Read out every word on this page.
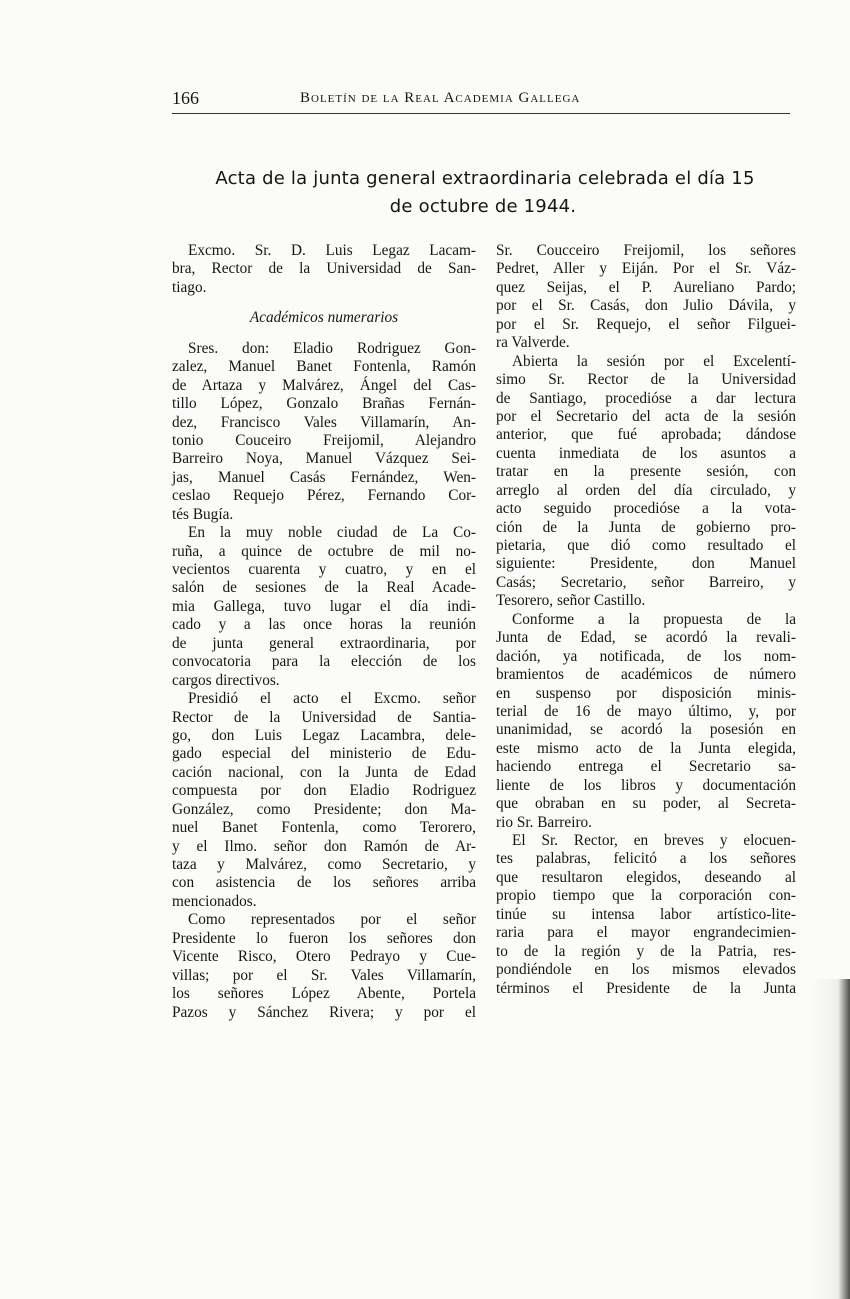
166	Boletín de la Real Academia Gallega
Acta de la junta general extraordinaria celebrada el día 15
de octubre de 1944.
Excmo. Sr. D. Luis Legaz Lacam-
bra, Rector de la Universidad de San-
tiago.
Académicos numerarios
Sres. don: Eladio Rodriguez Gon-
zalez, Manuel Banet Fontenla, Ramón
de Artaza y Malvárez, Ángel del Cas-
tillo López, Gonzalo Brañas Fernán-
dez, Francisco Vales Villamarín, An-
tonio Couceiro Freijomil, Alejandro
Barreiro Noya, Manuel Vázquez Sei-
jas, Manuel Casás Fernández, Wen-
ceslao Requejo Pérez, Fernando Cor-
tés Bugía.
En la muy noble ciudad de La Co-
ruña, a quince de octubre de mil no-
vecientos cuarenta y cuatro, y en el
salón de sesiones de la Real Acade-
mia Gallega, tuvo lugar el día indi-
cado y a las once horas la reunión
de junta general extraordinaria, por
convocatoria para la elección de los
cargos directivos.
Presidió el acto el Excmo. señor
Rector de la Universidad de Santia-
go, don Luis Legaz Lacambra, dele-
gado especial del ministerio de Edu-
cación nacional, con la Junta de Edad
compuesta por don Eladio Rodriguez
González, como Presidente; don Ma-
nuel Banet Fontenla, como Terorero,
y el Ilmo. señor don Ramón de Ar-
taza y Malvárez, como Secretario, y
con asistencia de los señores arriba
mencionados.
Como representados por el señor
Presidente lo fueron los señores don
Vicente Risco, Otero Pedrayo y Cue-
villas; por el Sr. Vales Villamarín,
los señores López Abente, Portela
Pazos y Sánchez Rivera; y por el
Sr. Coucceiro Freijomil, los señores
Pedret, Aller y Eiján. Por el Sr. Váz-
quez Seijas, el P. Aureliano Pardo;
por el Sr. Casás, don Julio Dávila, y
por el Sr. Requejo, el señor Filguei-
ra Valverde.
Abierta la sesión por el Excelentí-
simo Sr. Rector de la Universidad
de Santiago, procedióse a dar lectura
por el Secretario del acta de la sesión
anterior, que fué aprobada; dándose
cuenta inmediata de los asuntos a
tratar en la presente sesión, con
arreglo al orden del día circulado, y
acto seguido procedióse a la vota-
ción de la Junta de gobierno pro-
pietaria, que dió como resultado el
siguiente: Presidente, don Manuel
Casás; Secretario, señor Barreiro, y
Tesorero, señor Castillo.
Conforme a la propuesta de la
Junta de Edad, se acordó la revali-
dación, ya notificada, de los nom-
bramientos de académicos de número
en suspenso por disposición minis-
terial de 16 de mayo último, y, por
unanimidad, se acordó la posesión en
este mismo acto de la Junta elegida,
haciendo entrega el Secretario sa-
liente de los libros y documentación
que obraban en su poder, al Secreta-
rio Sr. Barreiro.
El Sr. Rector, en breves y elocuen-
tes palabras, felicitó a los señores
que resultaron elegidos, deseando al
propio tiempo que la corporación con-
tinúe su intensa labor artístico-lite-
raria para el mayor engrandecimien-
to de la región y de la Patria, res-
pondiéndole en los mismos elevados
términos el Presidente de la Junta
